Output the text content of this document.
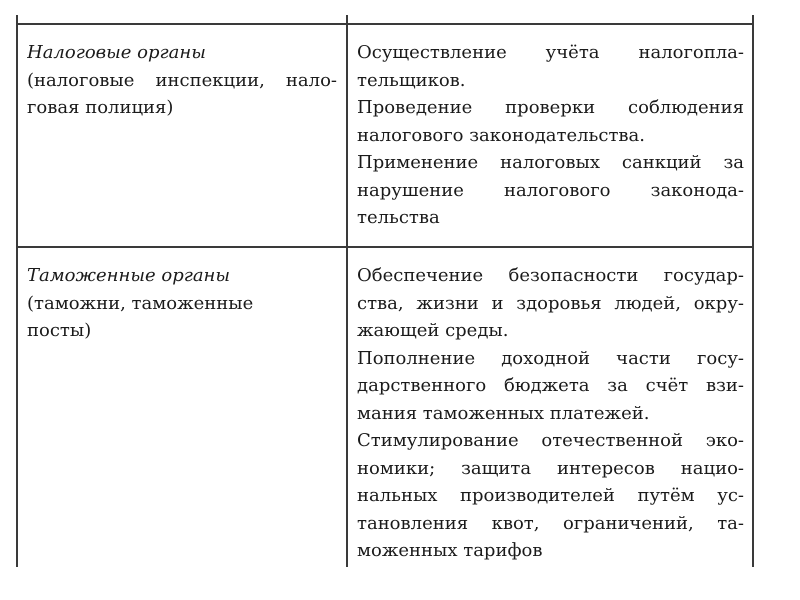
Налоговые органы
(налоговые инспекции, нало-
говая полиция)
Осуществление учёта налогопла-
тельщиков.
Проведение проверки соблюдения
налогового законодательства.
Применение налоговых санкций за
нарушение налогового законода-
тельства
Таможенные органы
(таможни, таможенные
посты)
Обеспечение безопасности государ-
ства, жизни и здоровья людей, окру-
жающей среды.
Пополнение доходной части госу-
дарственного бюджета за счёт взи-
мания таможенных платежей.
Стимулирование отечественной эко-
номики; защита интересов нацио-
нальных производителей путём ус-
тановления квот, ограничений, та-
моженных тарифов
